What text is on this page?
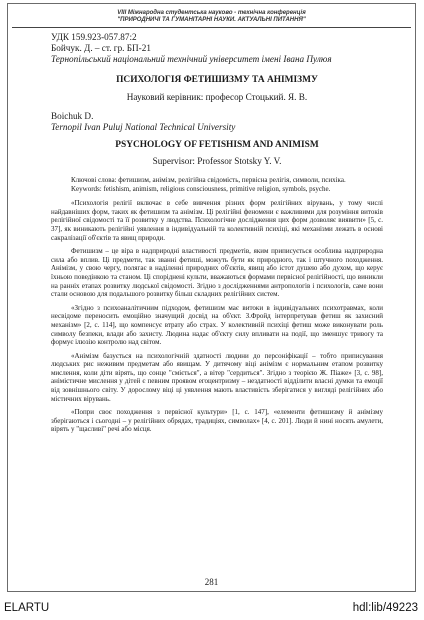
VIII Міжнародна студентська науково - технічна конференція
"ПРИРОДНИЧІ ТА ГУМАНІТАРНІ НАУКИ. АКТУАЛЬНІ ПИТАННЯ"
УДК 159.923-057.87:2
Бойчук. Д. – ст. гр. БП-21
Тернопільський національний технічний університет імені Івана Пулюя
ПСИХОЛОГІЯ ФЕТИШИЗМУ ТА АНІМІЗМУ
Науковий керівник: професор Стоцький. Я. В.
Boichuk D.
Ternopil Ivan Puluj National Technical University
PSYCHOLOGY OF FETISHISM AND ANIMISM
Supervisor: Professor Stotsky Y. V.

Ключові слова: фетишизм, анімізм, релігійна свідомість, первісна релігія, символи, психіка.

Keywords: fetishism, animism, religious consciousness, primitive religion, symbols, psyche.

«Психологія релігії включає в себе вивчення різних форм релігійних вірувань, у тому числі найдавніших форм, таких як фетишизм та анімізм. Ці релігійні феномени є важливими для розуміння витоків релігійної свідомості та її розвитку у людства. Психологічне дослідження цих форм дозволяє виявити» [5, с. 37], як виникають релігійні уявлення в індивідуальній та колективній психіці, які механізми лежать в основі сакралізації об'єктів та явищ природи.

Фетишизм – це віра в надприродні властивості предметів, яким приписується особлива надприродна сила або вплив. Ці предмети, так званні фетиші, можуть бути як природного, так і штучного походження. Анімізм, у свою чергу, полягає в наділенні природних об'єктів, явищ або істот душею або духом, що керує їхньою поведінкою та станом. Ці споріднені культи, вважаються формами первісної релігійності, що виникли на ранніх етапах розвитку людської свідомості. Згідно з дослідженнями антропологів і психологів, саме вони стали основою для подальшого розвитку більш складних релігійних систем.

«Згідно з психоаналітичним підходом, фетишизм має витоки в індивідуальних психотравмах, коли несвідоме переносить емоційно значущий досвід на об'єкт. З.Фройд інтерпретував фетиш як захисний механізм» [2, с. 114], що компенсує втрату або страх. У колективній психіці фетиш може виконувати роль символу безпеки, влади або захисту. Людина надає об'єкту силу впливати на події, що зменшує тривогу та формує ілюзію контролю над світом.

«Анімізм базується на психологічній здатності людини до персоніфікації – тобто приписування людських рис неживим предметам або явищам. У дитячому віці анімізм є нормальним етапом розвитку мислення, коли діти вірять, що сонце "сміється", а вітер "сердиться". Згідно з теорією Ж. Піаже» [3, с. 98], анімістичне мислення у дітей є певним проявом егоцентризму – нездатності відділити власні думки та емоції від зовнішнього світу. У дорослому віці ці уявлення мають властивість зберігатися у вигляді релігійних або містичних вірувань.

«Попри своє походження з первісної культури» [1, с. 147], «елементи фетишизму й анімізму зберігаються і сьогодні – у релігійних обрядах, традиціях, символах» [4, с. 201]. Люди й нині носять амулети, вірять у "щасливі" речі або місця.

281
ELARTU	hdl:lib/49223
